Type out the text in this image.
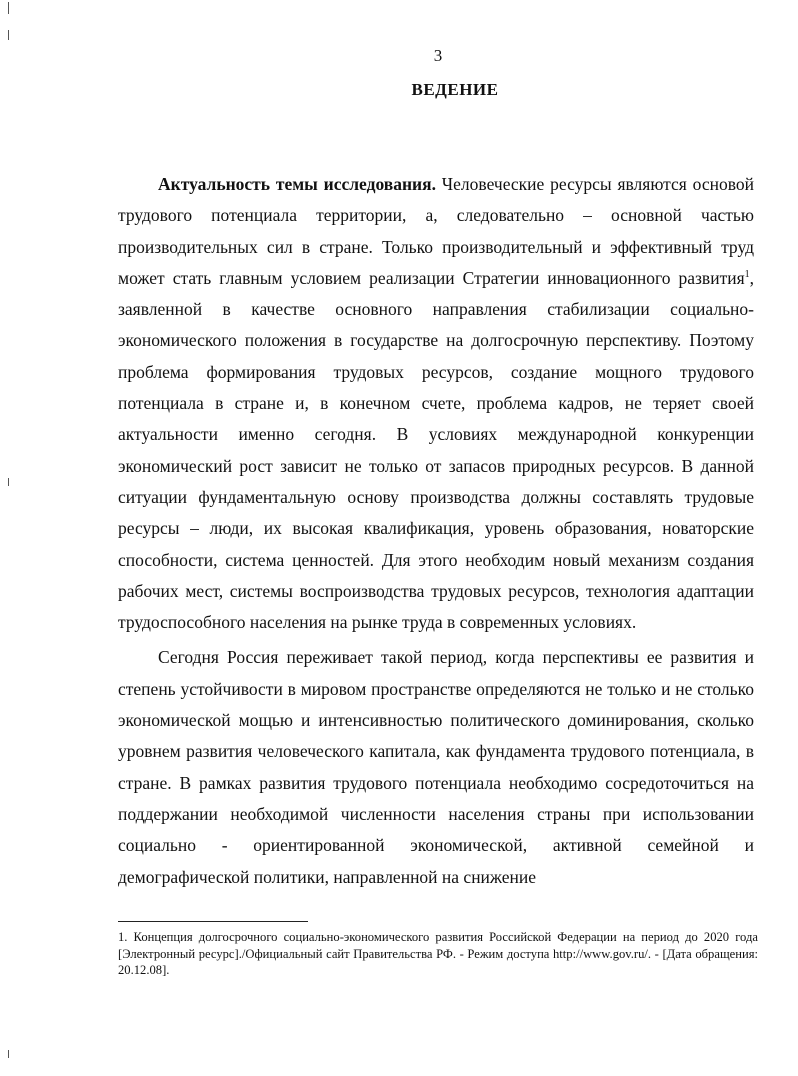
3
ВЕДЕНИЕ

Актуальность темы исследования. Человеческие ресурсы являются основой трудового потенциала территории, а, следовательно – основной частью производительных сил в стране. Только производительный и эффективный труд может стать главным условием реализации Стратегии инновационного развития$^1$, заявленной в качестве основного направления стабилизации социально-экономического положения в государстве на долгосрочную перспективу. Поэтому проблема формирования трудовых ресурсов, создание мощного трудового потенциала в стране и, в конечном счете, проблема кадров, не теряет своей актуальности именно сегодня. В условиях международной конкуренции экономический рост зависит не только от запасов природных ресурсов. В данной ситуации фундаментальную основу производства должны составлять трудовые ресурсы – люди, их высокая квалификация, уровень образования, новаторские способности, система ценностей. Для этого необходим новый механизм создания рабочих мест, системы воспроизводства трудовых ресурсов, технология адаптации трудоспособного населения на рынке труда в современных условиях.

Сегодня Россия переживает такой период, когда перспективы ее развития и степень устойчивости в мировом пространстве определяются не только и не столько экономической мощью и интенсивностью политического доминирования, сколько уровнем развития человеческого капитала, как фундамента трудового потенциала, в стране. В рамках развития трудового потенциала необходимо сосредоточиться на поддержании необходимой численности населения страны при использовании социально - ориентированной экономической, активной семейной и демографической политики, направленной на снижение

1. Концепция долгосрочного социально-экономического развития Российской Федерации на период до 2020 года [Электронный ресурс]./Официальный сайт Правительства РФ. - Режим доступа http://www.gov.ru/. - [Дата обращения: 20.12.08].
